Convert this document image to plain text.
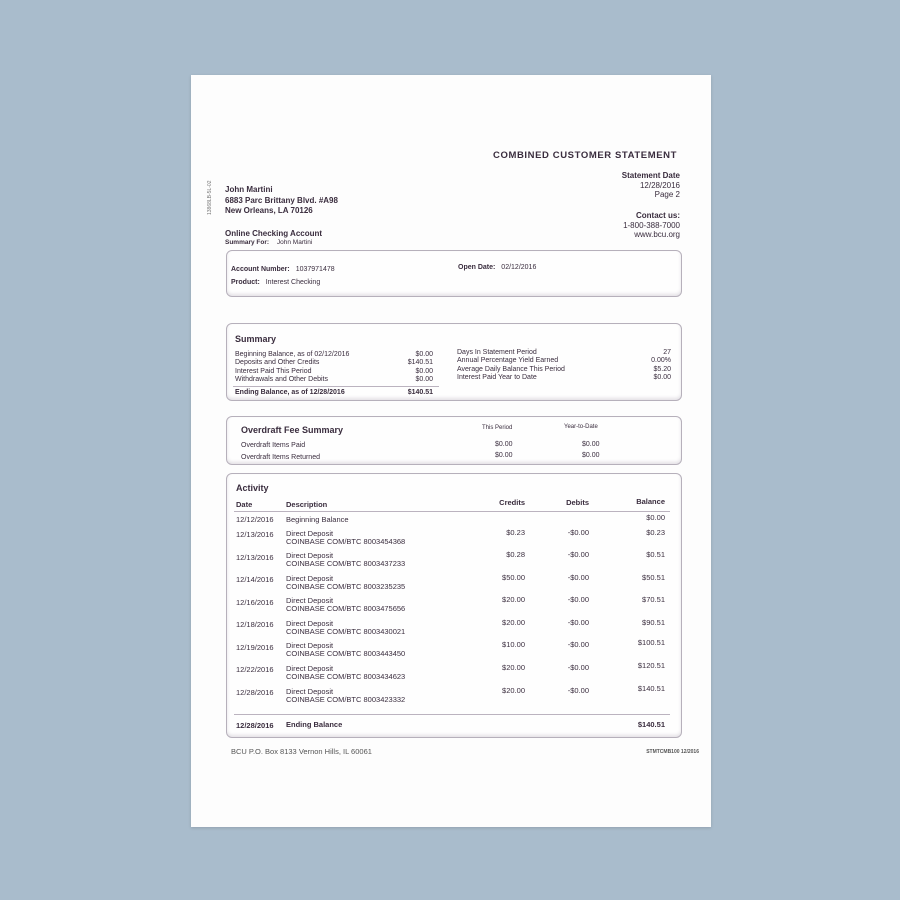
COMBINED CUSTOMER STATEMENT
Statement Date
12/28/2016
Page 2
Contact us:
1-800-388-7000
www.bcu.org
13868LB-5L-02 John Martini
6883 Parc Brittany Blvd. #A98
New Orleans, LA 70126
Online Checking Account
Summary For: John Martini
Account Number: 1037971478	Open Date: 02/12/2016
Product: Interest Checking
Summary
Beginning Balance, as of 02/12/2016	$0.00
Deposits and Other Credits	$140.51
Interest Paid This Period	$0.00
Withdrawals and Other Debits	$0.00
Ending Balance, as of 12/28/2016	$140.51
Days In Statement Period	27
Annual Percentage Yield Earned	0.00%
Average Daily Balance This Period	$5.20
Interest Paid Year to Date	$0.00
Overdraft Fee Summary	This Period	Year-to-Date
Overdraft Items Paid	$0.00	$0.00
Overdraft Items Returned	$0.00	$0.00
Activity
Date	Description	Credits	Debits	Balance
12/12/2016 Beginning Balance	$0.00
12/13/2016 Direct Deposit
COINBASE COM/BTC 8003454368
$0.23	-$0.00	$0.23
12/13/2016 Direct Deposit
COINBASE COM/BTC 8003437233
$0.28	-$0.00	$0.51
12/14/2016 Direct Deposit
COINBASE COM/BTC 8003235235
$50.00	-$0.00	$50.51
12/16/2016 Direct Deposit
COINBASE COM/BTC 8003475656
$20.00	-$0.00	$70.51
12/18/2016 Direct Deposit
COINBASE COM/BTC 8003430021
$20.00	-$0.00	$90.51
12/19/2016 Direct Deposit
COINBASE COM/BTC 8003443450
$10.00	-$0.00	$100.51
12/22/2016 Direct Deposit
COINBASE COM/BTC 8003434623
$20.00	-$0.00	$120.51
12/28/2016 Direct Deposit
COINBASE COM/BTC 8003423332
$20.00	-$0.00	$140.51
12/28/2016 Ending Balance	$140.51
BCU P.O. Box 8133 Vernon Hills, IL 60061	STMTCMB100 12/2016
